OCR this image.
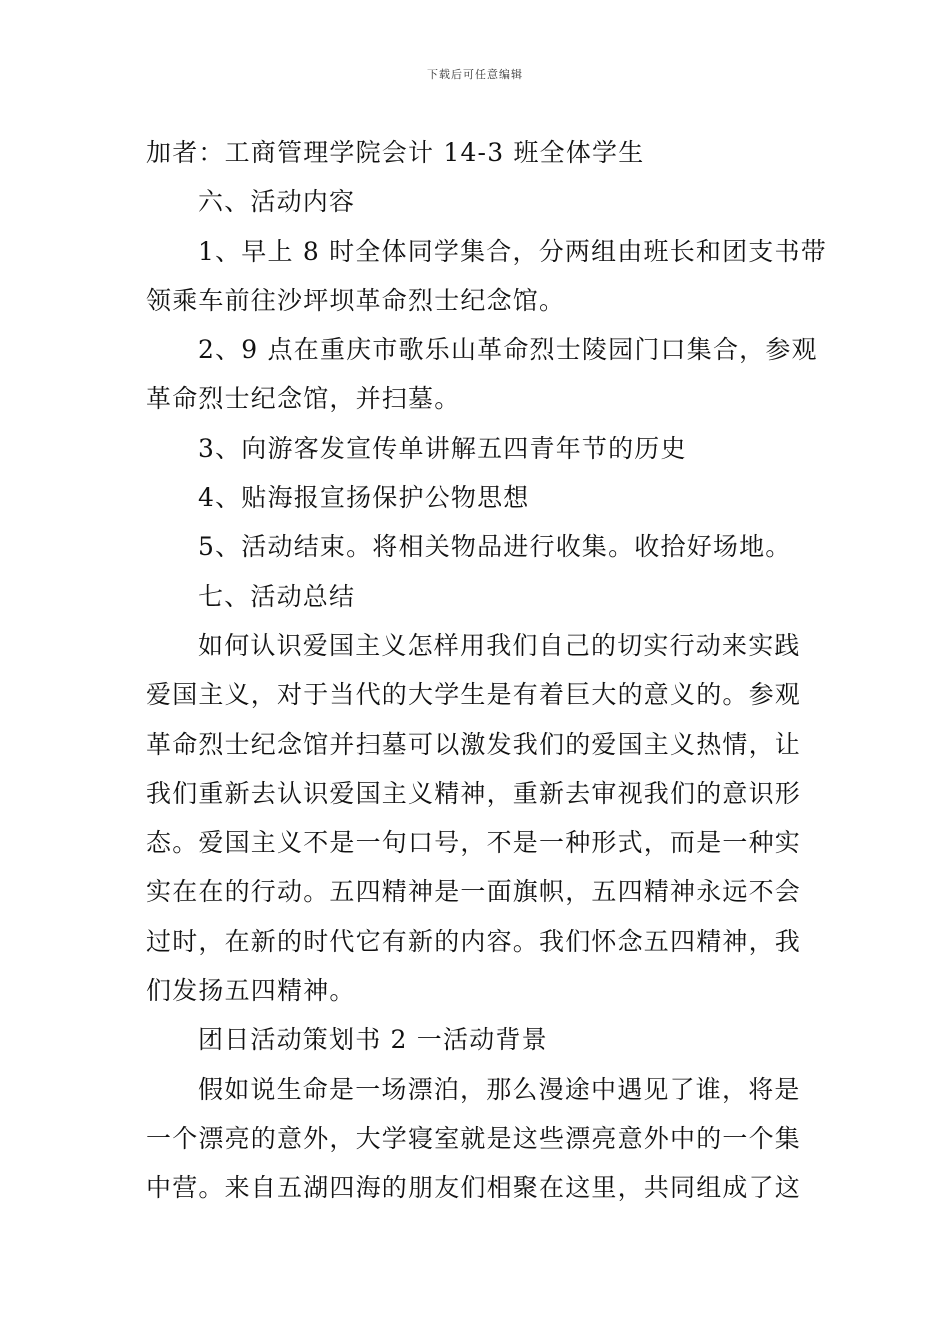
下载后可任意编辑
加者：工商管理学院会计 14-3 班全体学生
六、活动内容
1、早上 8 时全体同学集合，分两组由班长和团支书带
领乘车前往沙坪坝革命烈士纪念馆。
2、9 点在重庆市歌乐山革命烈士陵园门口集合，参观
革命烈士纪念馆，并扫墓。
3、向游客发宣传单讲解五四青年节的历史
4、贴海报宣扬保护公物思想
5、活动结束。将相关物品进行收集。收拾好场地。
七、活动总结
如何认识爱国主义怎样用我们自己的切实行动来实践
爱国主义，对于当代的大学生是有着巨大的意义的。参观
革命烈士纪念馆并扫墓可以激发我们的爱国主义热情，让
我们重新去认识爱国主义精神，重新去审视我们的意识形
态。爱国主义不是一句口号，不是一种形式，而是一种实
实在在的行动。五四精神是一面旗帜，五四精神永远不会
过时，在新的时代它有新的内容。我们怀念五四精神，我
们发扬五四精神。
团日活动策划书 2 一活动背景
假如说生命是一场漂泊，那么漫途中遇见了谁，将是
一个漂亮的意外，大学寝室就是这些漂亮意外中的一个集
中营。来自五湖四海的朋友们相聚在这里，共同组成了这
